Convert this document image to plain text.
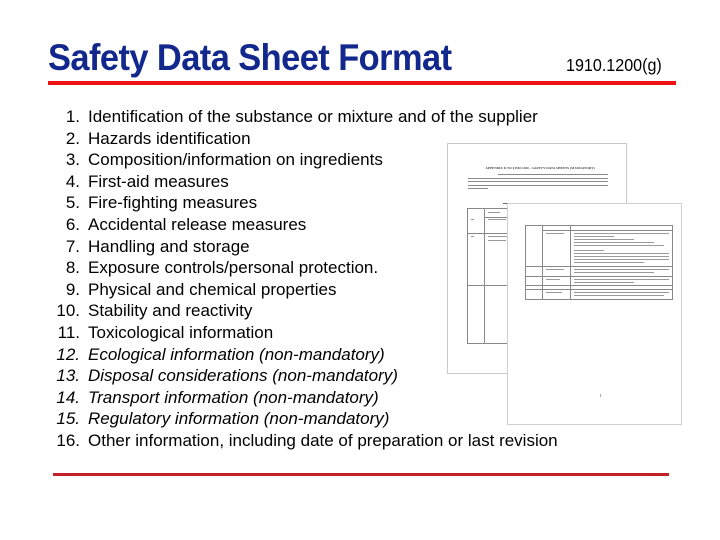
Safety Data Sheet Format	1910.1200(g)
APPENDIX D TO §1910.1200 – SAFETY DATA SHEETS (MANDATORY)
1. Identification of the substance or mixture and of the supplier
2. Hazards identification
3. Composition/information on ingredients
4. First-aid measures
5. Fire-fighting measures
6. Accidental release measures
7. Handling and storage
8. Exposure controls/personal protection.
9. Physical and chemical properties
10. Stability and reactivity
11. Toxicological information
12. Ecological information (non-mandatory)
13. Disposal considerations (non-mandatory)
14. Transport information (non-mandatory)
15. Regulatory information (non-mandatory)
16. Other information, including date of preparation or last revision
